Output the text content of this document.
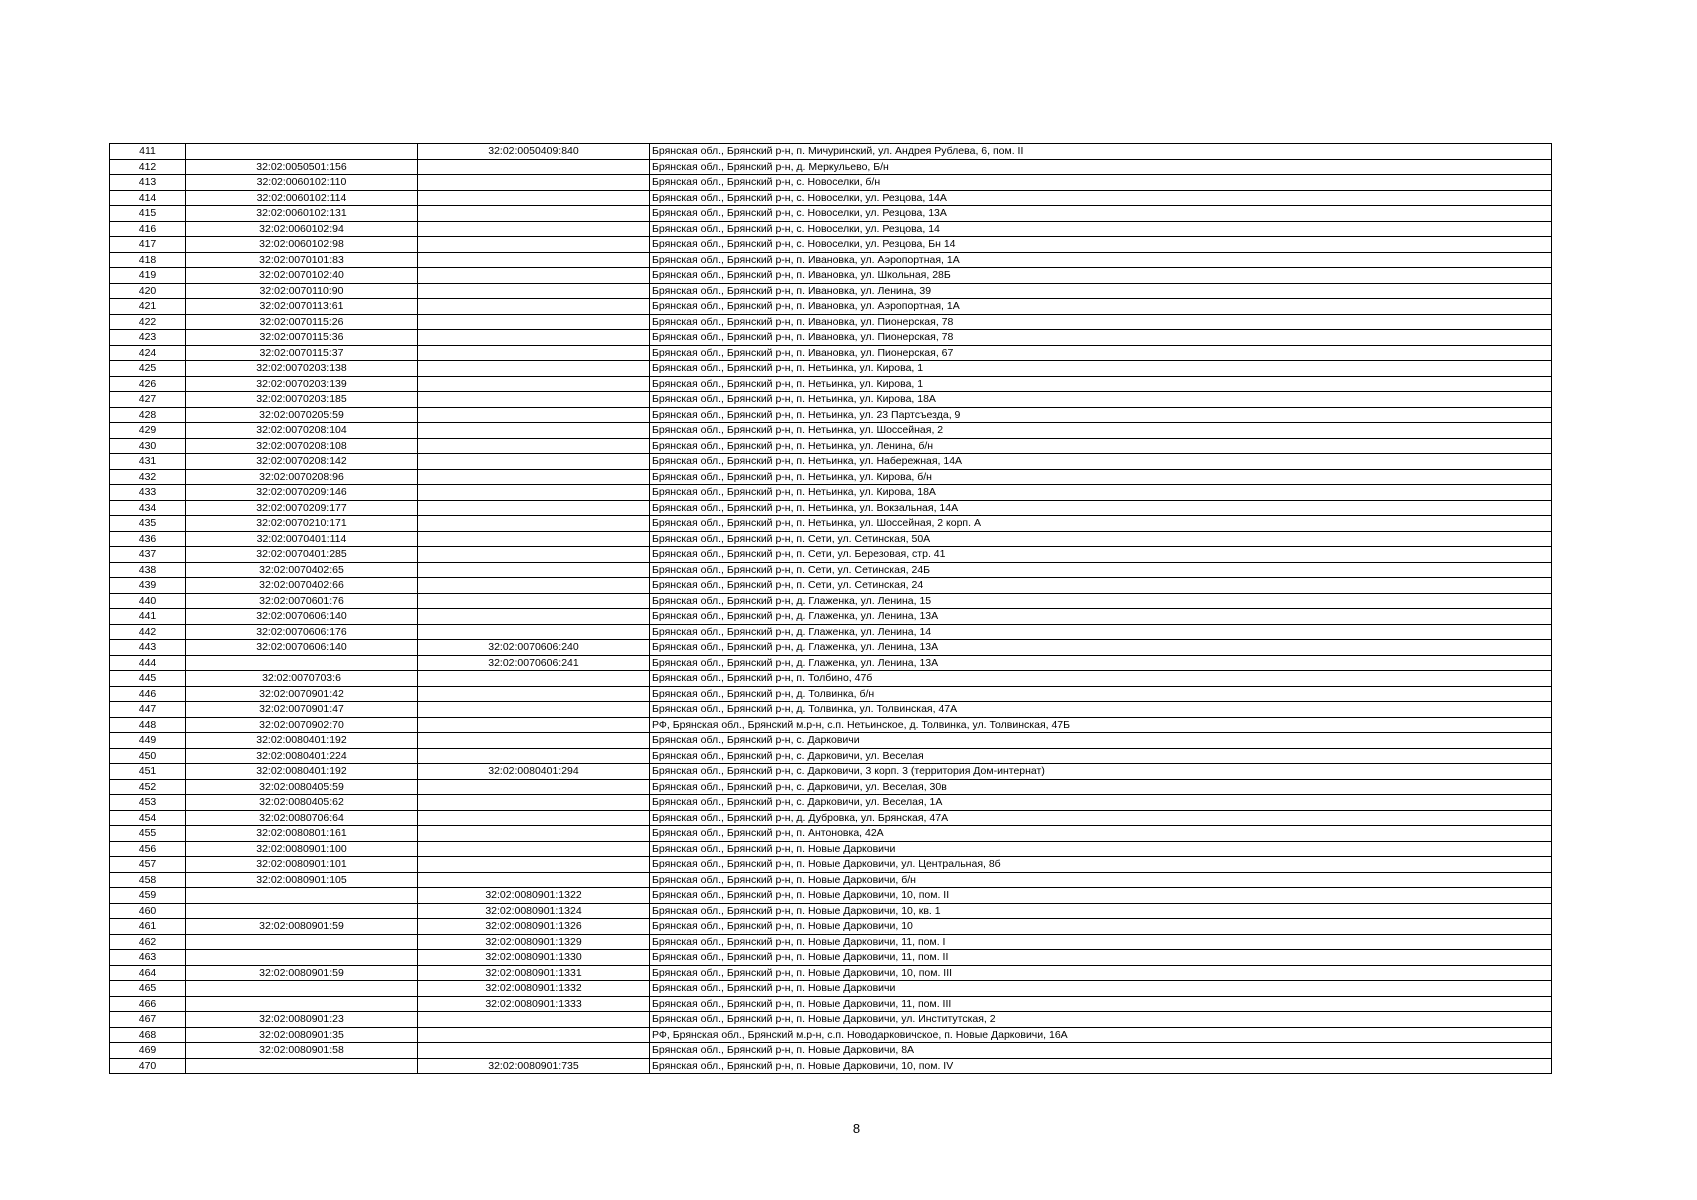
411		32:02:0050409:840	Брянская обл., Брянский р-н, п. Мичуринский, ул. Андрея Рублева, 6, пом. II
412	32:02:0050501:156		Брянская обл., Брянский р-н, д. Меркульево, Б/н
413	32:02:0060102:110		Брянская обл., Брянский р-н, с. Новоселки, б/н
414	32:02:0060102:114		Брянская обл., Брянский р-н, с. Новоселки, ул. Резцова, 14А
415	32:02:0060102:131		Брянская обл., Брянский р-н, с. Новоселки, ул. Резцова, 13А
416	32:02:0060102:94		Брянская обл., Брянский р-н, с. Новоселки, ул. Резцова, 14
417	32:02:0060102:98		Брянская обл., Брянский р-н, с. Новоселки, ул. Резцова, Бн 14
418	32:02:0070101:83		Брянская обл., Брянский р-н, п. Ивановка, ул. Аэропортная, 1А
419	32:02:0070102:40		Брянская обл., Брянский р-н, п. Ивановка, ул. Школьная, 28Б
420	32:02:0070110:90		Брянская обл., Брянский р-н, п. Ивановка, ул. Ленина, 39
421	32:02:0070113:61		Брянская обл., Брянский р-н, п. Ивановка, ул. Аэропортная, 1А
422	32:02:0070115:26		Брянская обл., Брянский р-н, п. Ивановка, ул. Пионерская, 78
423	32:02:0070115:36		Брянская обл., Брянский р-н, п. Ивановка, ул. Пионерская, 78
424	32:02:0070115:37		Брянская обл., Брянский р-н, п. Ивановка, ул. Пионерская, 67
425	32:02:0070203:138		Брянская обл., Брянский р-н, п. Нетьинка, ул. Кирова, 1
426	32:02:0070203:139		Брянская обл., Брянский р-н, п. Нетьинка, ул. Кирова, 1
427	32:02:0070203:185		Брянская обл., Брянский р-н, п. Нетьинка, ул. Кирова, 18А
428	32:02:0070205:59		Брянская обл., Брянский р-н, п. Нетьинка, ул. 23 Партсъезда, 9
429	32:02:0070208:104		Брянская обл., Брянский р-н, п. Нетьинка, ул. Шоссейная, 2
430	32:02:0070208:108		Брянская обл., Брянский р-н, п. Нетьинка, ул. Ленина, б/н
431	32:02:0070208:142		Брянская обл., Брянский р-н, п. Нетьинка, ул. Набережная, 14А
432	32:02:0070208:96		Брянская обл., Брянский р-н, п. Нетьинка, ул. Кирова, б/н
433	32:02:0070209:146		Брянская обл., Брянский р-н, п. Нетьинка, ул. Кирова, 18А
434	32:02:0070209:177		Брянская обл., Брянский р-н, п. Нетьинка, ул. Вокзальная, 14А
435	32:02:0070210:171		Брянская обл., Брянский р-н, п. Нетьинка, ул. Шоссейная, 2 корп. А
436	32:02:0070401:114		Брянская обл., Брянский р-н, п. Сети, ул. Сетинская, 50А
437	32:02:0070401:285		Брянская обл., Брянский р-н, п. Сети, ул. Березовая, стр. 41
438	32:02:0070402:65		Брянская обл., Брянский р-н, п. Сети, ул. Сетинская, 24Б
439	32:02:0070402:66		Брянская обл., Брянский р-н, п. Сети, ул. Сетинская, 24
440	32:02:0070601:76		Брянская обл., Брянский р-н, д. Глаженка, ул. Ленина, 15
441	32:02:0070606:140		Брянская обл., Брянский р-н, д. Глаженка, ул. Ленина, 13А
442	32:02:0070606:176		Брянская обл., Брянский р-н, д. Глаженка, ул. Ленина, 14
443	32:02:0070606:140	32:02:0070606:240	Брянская обл., Брянский р-н, д. Глаженка, ул. Ленина, 13А
444		32:02:0070606:241	Брянская обл., Брянский р-н, д. Глаженка, ул. Ленина, 13А
445	32:02:0070703:6		Брянская обл., Брянский р-н, п. Толбино, 47б
446	32:02:0070901:42		Брянская обл., Брянский р-н, д. Толвинка, б/н
447	32:02:0070901:47		Брянская обл., Брянский р-н, д. Толвинка, ул. Толвинская, 47А
448	32:02:0070902:70		РФ, Брянская обл., Брянский м.р-н, с.п. Нетьинское, д. Толвинка, ул. Толвинская, 47Б
449	32:02:0080401:192		Брянская обл., Брянский р-н, с. Дарковичи
450	32:02:0080401:224		Брянская обл., Брянский р-н, с. Дарковичи, ул. Веселая
451	32:02:0080401:192	32:02:0080401:294	Брянская обл., Брянский р-н, с. Дарковичи, 3 корп. 3 (территория Дом-интернат)
452	32:02:0080405:59		Брянская обл., Брянский р-н, с. Дарковичи, ул. Веселая, 30в
453	32:02:0080405:62		Брянская обл., Брянский р-н, с. Дарковичи, ул. Веселая, 1А
454	32:02:0080706:64		Брянская обл., Брянский р-н, д. Дубровка, ул. Брянская, 47А
455	32:02:0080801:161		Брянская обл., Брянский р-н, п. Антоновка, 42А
456	32:02:0080901:100		Брянская обл., Брянский р-н, п. Новые Дарковичи
457	32:02:0080901:101		Брянская обл., Брянский р-н, п. Новые Дарковичи, ул. Центральная, 8б
458	32:02:0080901:105		Брянская обл., Брянский р-н, п. Новые Дарковичи, б/н
459		32:02:0080901:1322	Брянская обл., Брянский р-н, п. Новые Дарковичи, 10, пом. II
460		32:02:0080901:1324	Брянская обл., Брянский р-н, п. Новые Дарковичи, 10, кв. 1
461	32:02:0080901:59	32:02:0080901:1326	Брянская обл., Брянский р-н, п. Новые Дарковичи, 10
462		32:02:0080901:1329	Брянская обл., Брянский р-н, п. Новые Дарковичи, 11, пом. I
463		32:02:0080901:1330	Брянская обл., Брянский р-н, п. Новые Дарковичи, 11, пом. II
464	32:02:0080901:59	32:02:0080901:1331	Брянская обл., Брянский р-н, п. Новые Дарковичи, 10, пом. III
465		32:02:0080901:1332	Брянская обл., Брянский р-н, п. Новые Дарковичи
466		32:02:0080901:1333	Брянская обл., Брянский р-н, п. Новые Дарковичи, 11, пом. III
467	32:02:0080901:23		Брянская обл., Брянский р-н, п. Новые Дарковичи, ул. Институтская, 2
468	32:02:0080901:35		РФ, Брянская обл., Брянский м.р-н, с.п. Новодарковичское, п. Новые Дарковичи, 16А
469	32:02:0080901:58		Брянская обл., Брянский р-н, п. Новые Дарковичи, 8А
470		32:02:0080901:735	Брянская обл., Брянский р-н, п. Новые Дарковичи, 10, пом. IV
8
